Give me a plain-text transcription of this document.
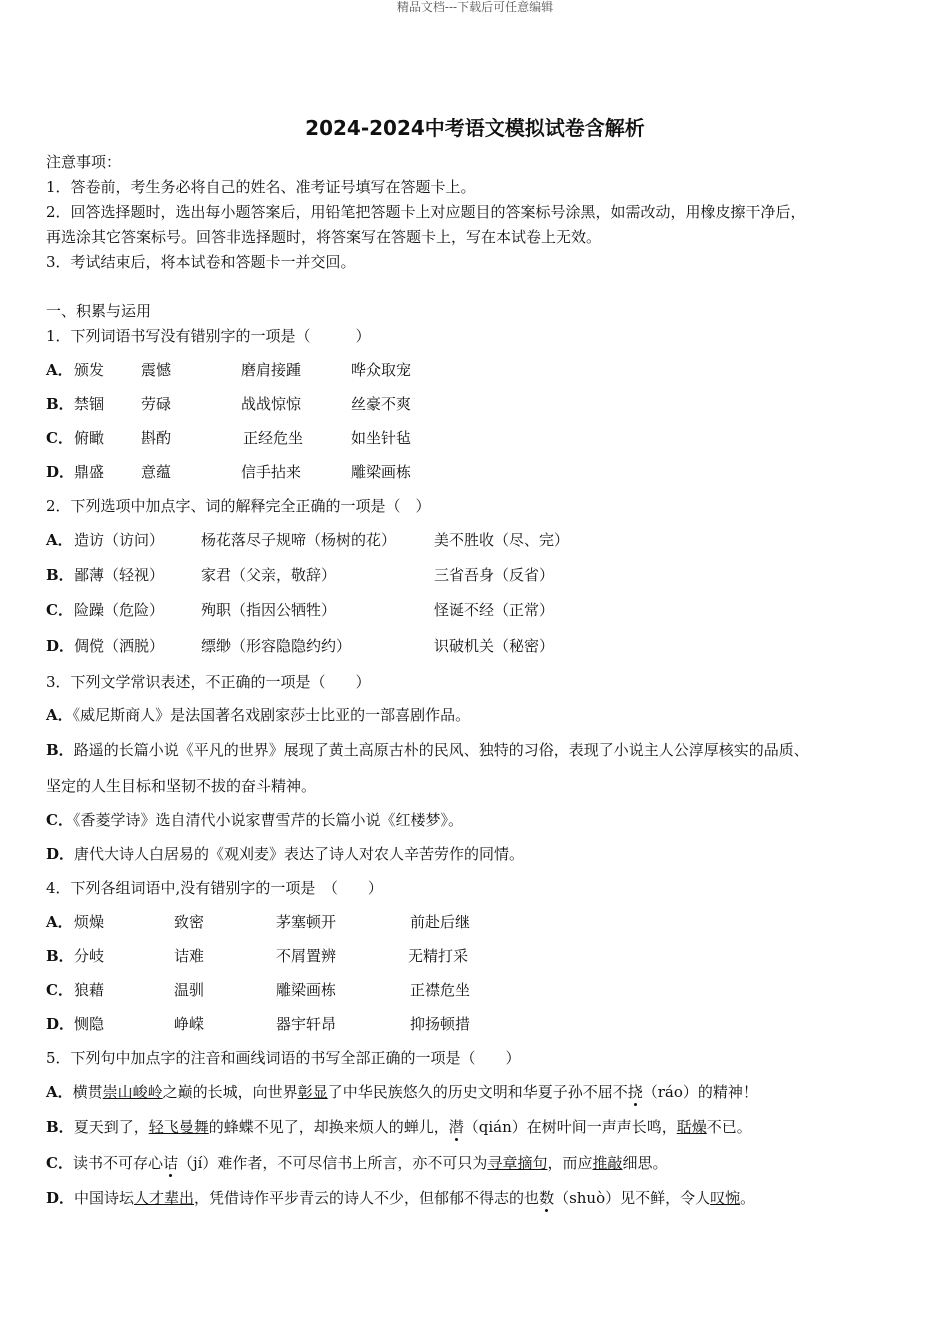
精品文档---下载后可任意编辑
2024-2024中考语文模拟试卷含解析
注意事项：
1．答卷前，考生务必将自己的姓名、准考证号填写在答题卡上。
2．回答选择题时，选出每小题答案后，用铅笔把答题卡上对应题目的答案标号涂黑，如需改动，用橡皮擦干净后，
再选涂其它答案标号。回答非选择题时，将答案写在答题卡上，写在本试卷上无效。
3．考试结束后，将本试卷和答题卡一并交回。
一、积累与运用
1．下列词语书写没有错别字的一项是（　　　）
A． 颁发 震憾	磨肩接踵	哗众取宠
B． 禁锢 劳碌	战战惊惊	丝豪不爽
C． 俯瞰 斟酌	正经危坐	如坐针毡
D． 鼎盛 意蕴	信手拈来	雕梁画栋
2．下列选项中加点字、词的解释完全正确的一项是（　）
A． 造访（访问） 杨花落尽子规啼（杨树的花）	美不胜收（尽、完）
B． 鄙薄（轻视） 家君（父亲，敬辞）	三省吾身（反省）
C． 险躁（危险） 殉职（指因公牺牲）	怪诞不经（正常）
D． 倜傥（洒脱） 缥缈（形容隐隐约约）	识破机关（秘密）
3．下列文学常识表述，不正确的一项是（　　）
A．《威尼斯商人》是法国著名戏剧家莎士比亚的一部喜剧作品。
B．路遥的长篇小说《平凡的世界》展现了黄土高原古朴的民风、独特的习俗，表现了小说主人公淳厚核实的品质、
坚定的人生目标和坚韧不拔的奋斗精神。
C．《香菱学诗》选自清代小说家曹雪芹的长篇小说《红楼梦》。
D．唐代大诗人白居易的《观刈麦》表达了诗人对农人辛苦劳作的同情。
4．下列各组词语中,没有错别字的一项是　（　　）
A． 烦燥	致密	茅塞顿开	前赴后继
B． 分岐	诘难	不屑置辨	无精打采
C． 狼藉	温驯	雕梁画栋	正襟危坐
D． 恻隐	峥嵘	器宇轩昂	抑扬顿措
5．下列句中加点字的注音和画线词语的书写全部正确的一项是（　　）
A．横贯崇山峻岭之巅的长城，向世界彰显了中华民族悠久的历史文明和华夏子孙不屈不挠（ráo）的精神！
B．夏天到了，轻飞曼舞的蜂蝶不见了，却换来烦人的蝉儿，潜（qián）在树叶间一声声长鸣，聒燥不已。
C．读书不可存心诘（jí）难作者，不可尽信书上所言，亦不可只为寻章摘句，而应推敲细思。
D．中国诗坛人才辈出，凭借诗作平步青云的诗人不少，但郁郁不得志的也数（shuò）见不鲜，令人叹惋。
